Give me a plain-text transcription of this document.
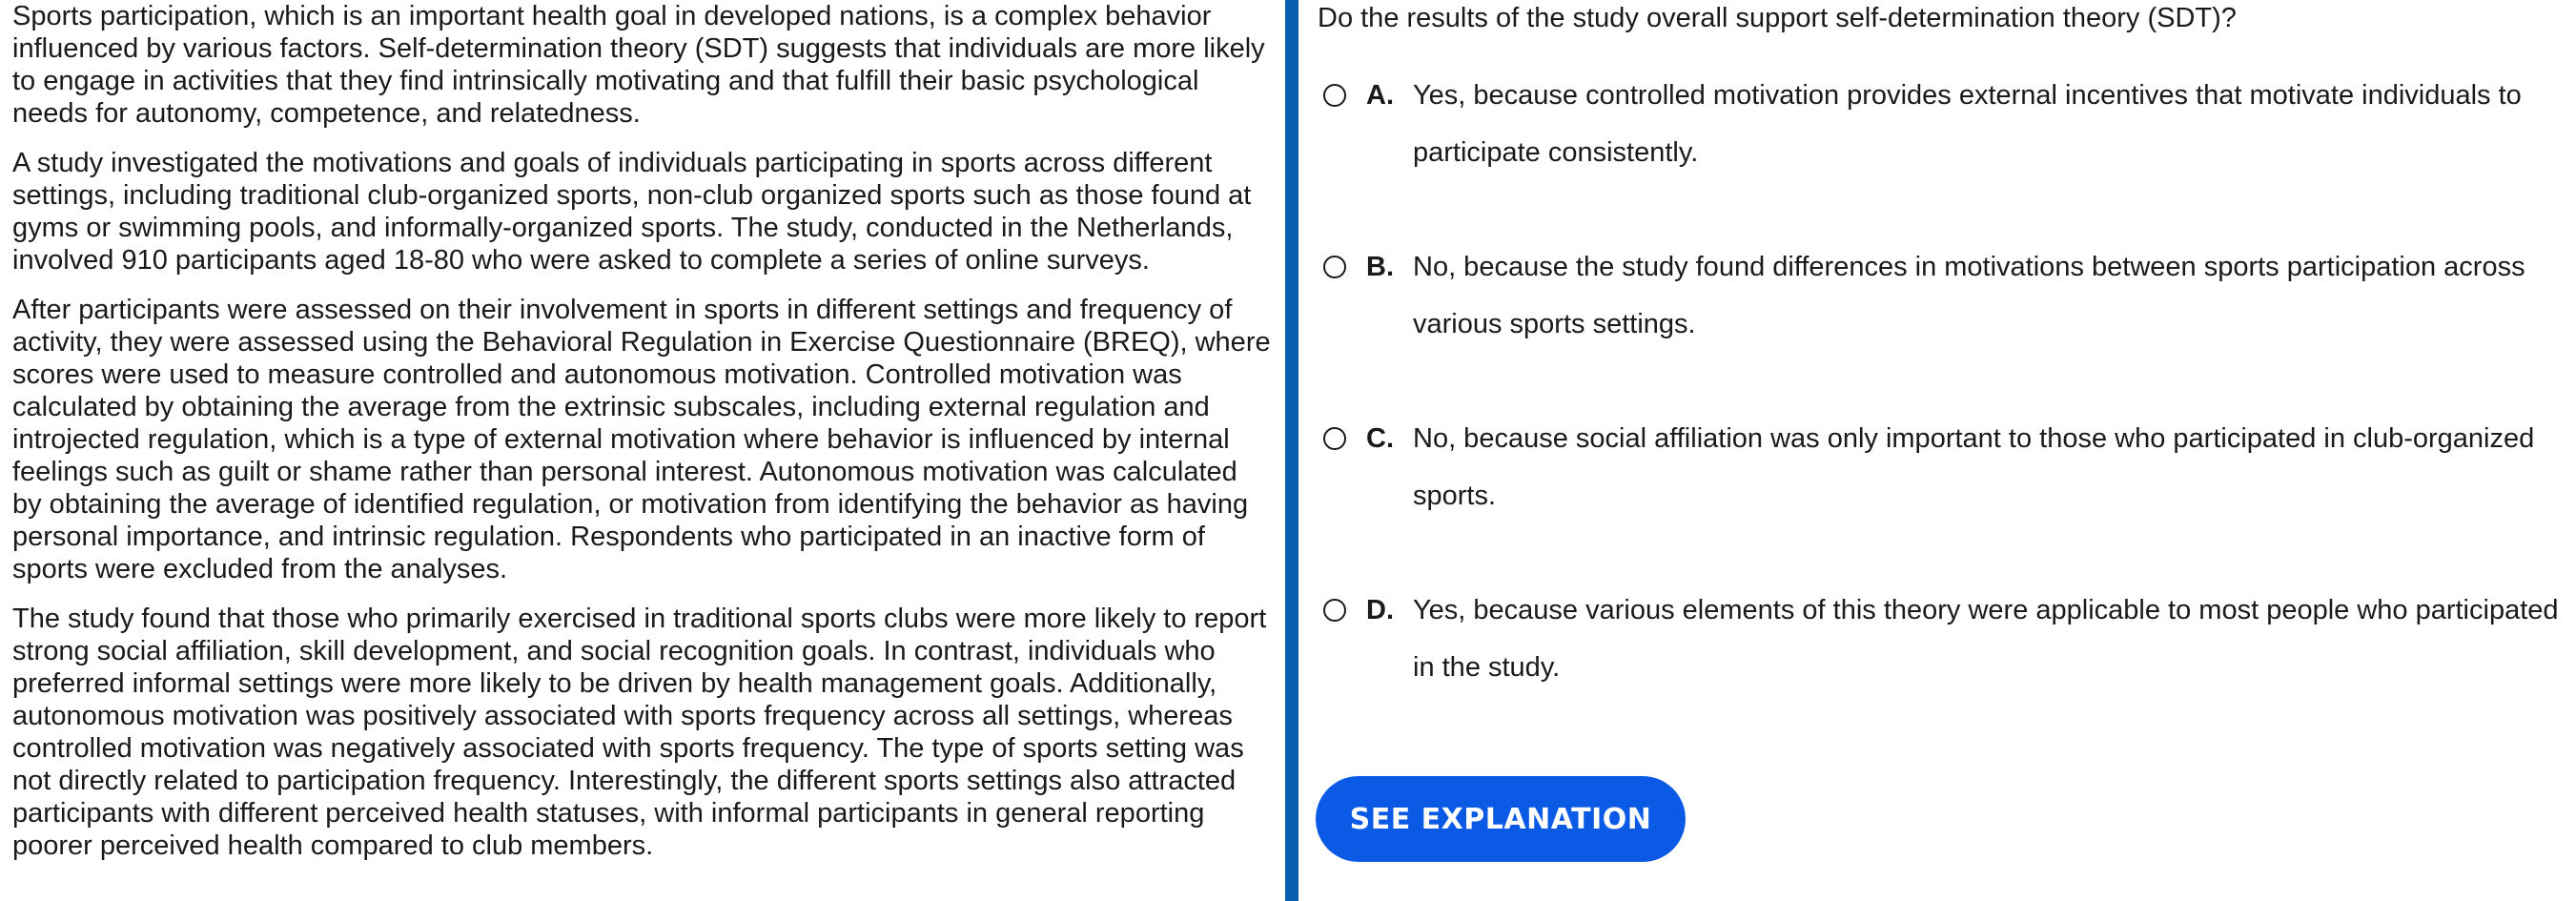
Sports participation, which is an important health goal in developed nations, is a complex behavior influenced by various factors. Self-determination theory (SDT) suggests that individuals are more likely to engage in activities that they find intrinsically motivating and that fulfill their basic psychological needs for autonomy, competence, and relatedness.

A study investigated the motivations and goals of individuals participating in sports across different settings, including traditional club-organized sports, non-club organized sports such as those found at gyms or swimming pools, and informally-organized sports. The study, conducted in the Netherlands, involved 910 participants aged 18-80 who were asked to complete a series of online surveys.

After participants were assessed on their involvement in sports in different settings and frequency of activity, they were assessed using the Behavioral Regulation in Exercise Questionnaire (BREQ), where scores were used to measure controlled and autonomous motivation. Controlled motivation was calculated by obtaining the average from the extrinsic subscales, including external regulation and introjected regulation, which is a type of external motivation where behavior is influenced by internal feelings such as guilt or shame rather than personal interest. Autonomous motivation was calculated by obtaining the average of identified regulation, or motivation from identifying the behavior as having personal importance, and intrinsic regulation. Respondents who participated in an inactive form of sports were excluded from the analyses.

The study found that those who primarily exercised in traditional sports clubs were more likely to report strong social affiliation, skill development, and social recognition goals. In contrast, individuals who preferred informal settings were more likely to be driven by health management goals. Additionally, autonomous motivation was positively associated with sports frequency across all settings, whereas controlled motivation was negatively associated with sports frequency. The type of sports setting was not directly related to participation frequency. Interestingly, the different sports settings also attracted participants with different perceived health statuses, with informal participants in general reporting poorer perceived health compared to club members.

Do the results of the study overall support self-determination theory (SDT)?
A. Yes, because controlled motivation provides external incentives that motivate individuals to participate consistently.
B. No, because the study found differences in motivations between sports participation across various sports settings.
C. No, because social affiliation was only important to those who participated in club-organized sports.
D. Yes, because various elements of this theory were applicable to most people who participated in the study.
SEE EXPLANATION
